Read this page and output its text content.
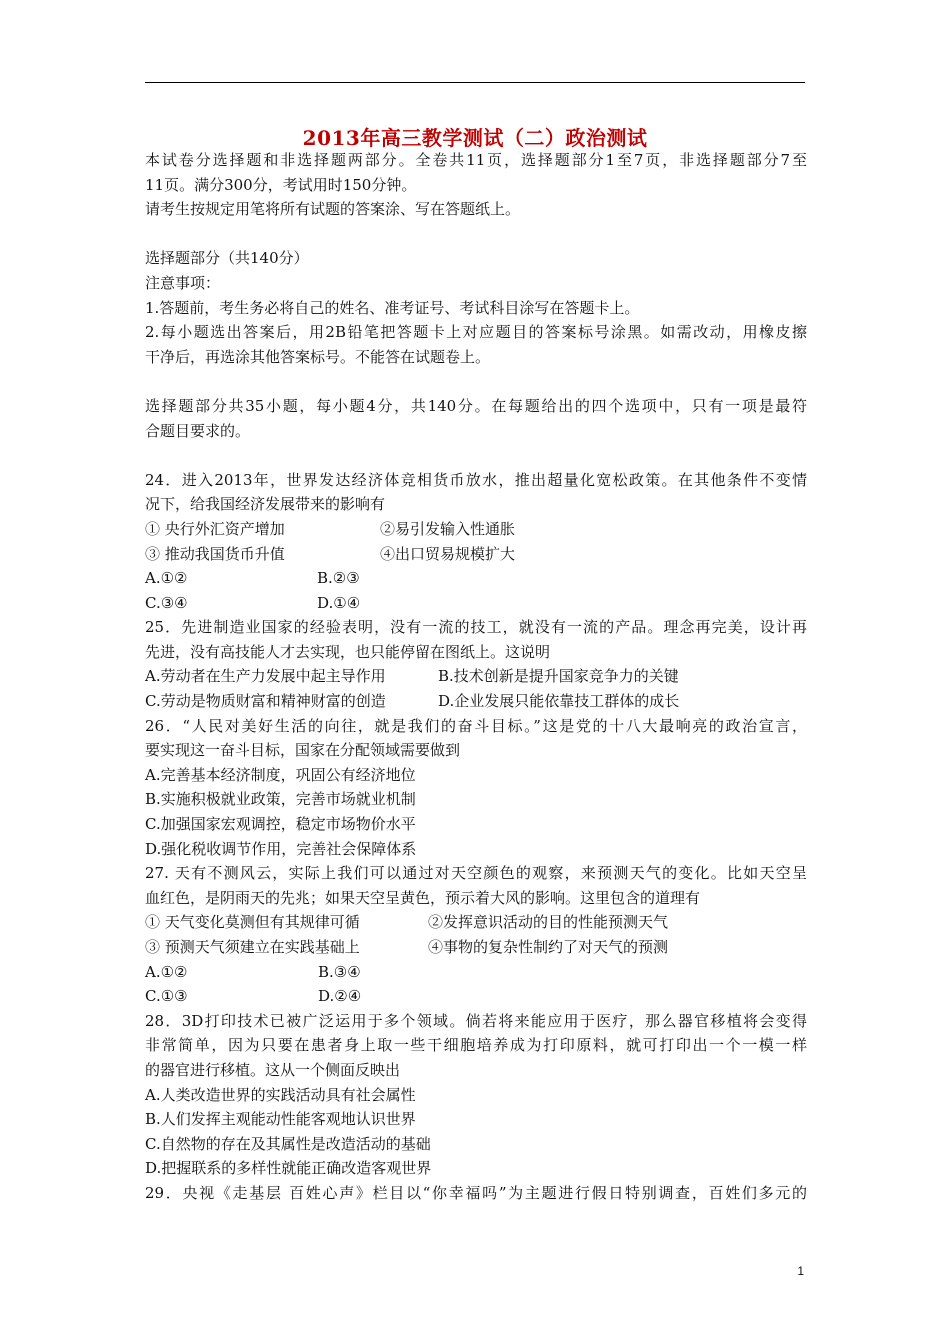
2013年高三教学测试（二）政治测试

本试卷分选择题和非选择题两部分。全卷共11页，选择题部分1至7页，非选择题部分7至

11页。满分300分，考试用时150分钟。

请考生按规定用笔将所有试题的答案涂、写在答题纸上。

选择题部分（共140分）

注意事项：

1.答题前，考生务必将自己的姓名、准考证号、考试科目涂写在答题卡上。

2.每小题选出答案后，用2B铅笔把答题卡上对应题目的答案标号涂黑。如需改动，用橡皮擦

干净后，再选涂其他答案标号。不能答在试题卷上。

选择题部分共35小题，每小题4分，共140分。在每题给出的四个选项中，只有一项是最符

合题目要求的。

24．进入2013年，世界发达经济体竞相货币放水，推出超量化宽松政策。在其他条件不变情

况下，给我国经济发展带来的影响有

① 央行外汇资产增加	②易引发输入性通胀
③ 推动我国货币升值	④出口贸易规模扩大
A.①②	B.②③
C.③④	D.①④

25．先进制造业国家的经验表明，没有一流的技工，就没有一流的产品。理念再完美，设计再

先进，没有高技能人才去实现，也只能停留在图纸上。这说明

A.劳动者在生产力发展中起主导作用	B.技术创新是提升国家竞争力的关键
C.劳动是物质财富和精神财富的创造	D.企业发展只能依靠技工群体的成长

26．“人民对美好生活的向往，就是我们的奋斗目标。”这是党的十八大最响亮的政治宣言，

要实现这一奋斗目标，国家在分配领域需要做到

A.完善基本经济制度，巩固公有经济地位

B.实施积极就业政策，完善市场就业机制

C.加强国家宏观调控，稳定市场物价水平

D.强化税收调节作用，完善社会保障体系

27. 天有不测风云，实际上我们可以通过对天空颜色的观察，来预测天气的变化。比如天空呈

血红色，是阴雨天的先兆；如果天空呈黄色，预示着大风的影响。这里包含的道理有

① 天气变化莫测但有其规律可循	②发挥意识活动的目的性能预测天气
③ 预测天气须建立在实践基础上	④事物的复杂性制约了对天气的预测
A.①②	B.③④
C.①③	D.②④

28．3D打印技术已被广泛运用于多个领域。倘若将来能应用于医疗，那么器官移植将会变得

非常简单，因为只要在患者身上取一些干细胞培养成为打印原料，就可打印出一个一模一样

的器官进行移植。这从一个侧面反映出

A.人类改造世界的实践活动具有社会属性

B.人们发挥主观能动性能客观地认识世界

C.自然物的存在及其属性是改造活动的基础

D.把握联系的多样性就能正确改造客观世界

29．央视《走基层 百姓心声》栏目以“你幸福吗”为主题进行假日特别调查，百姓们多元的

1
